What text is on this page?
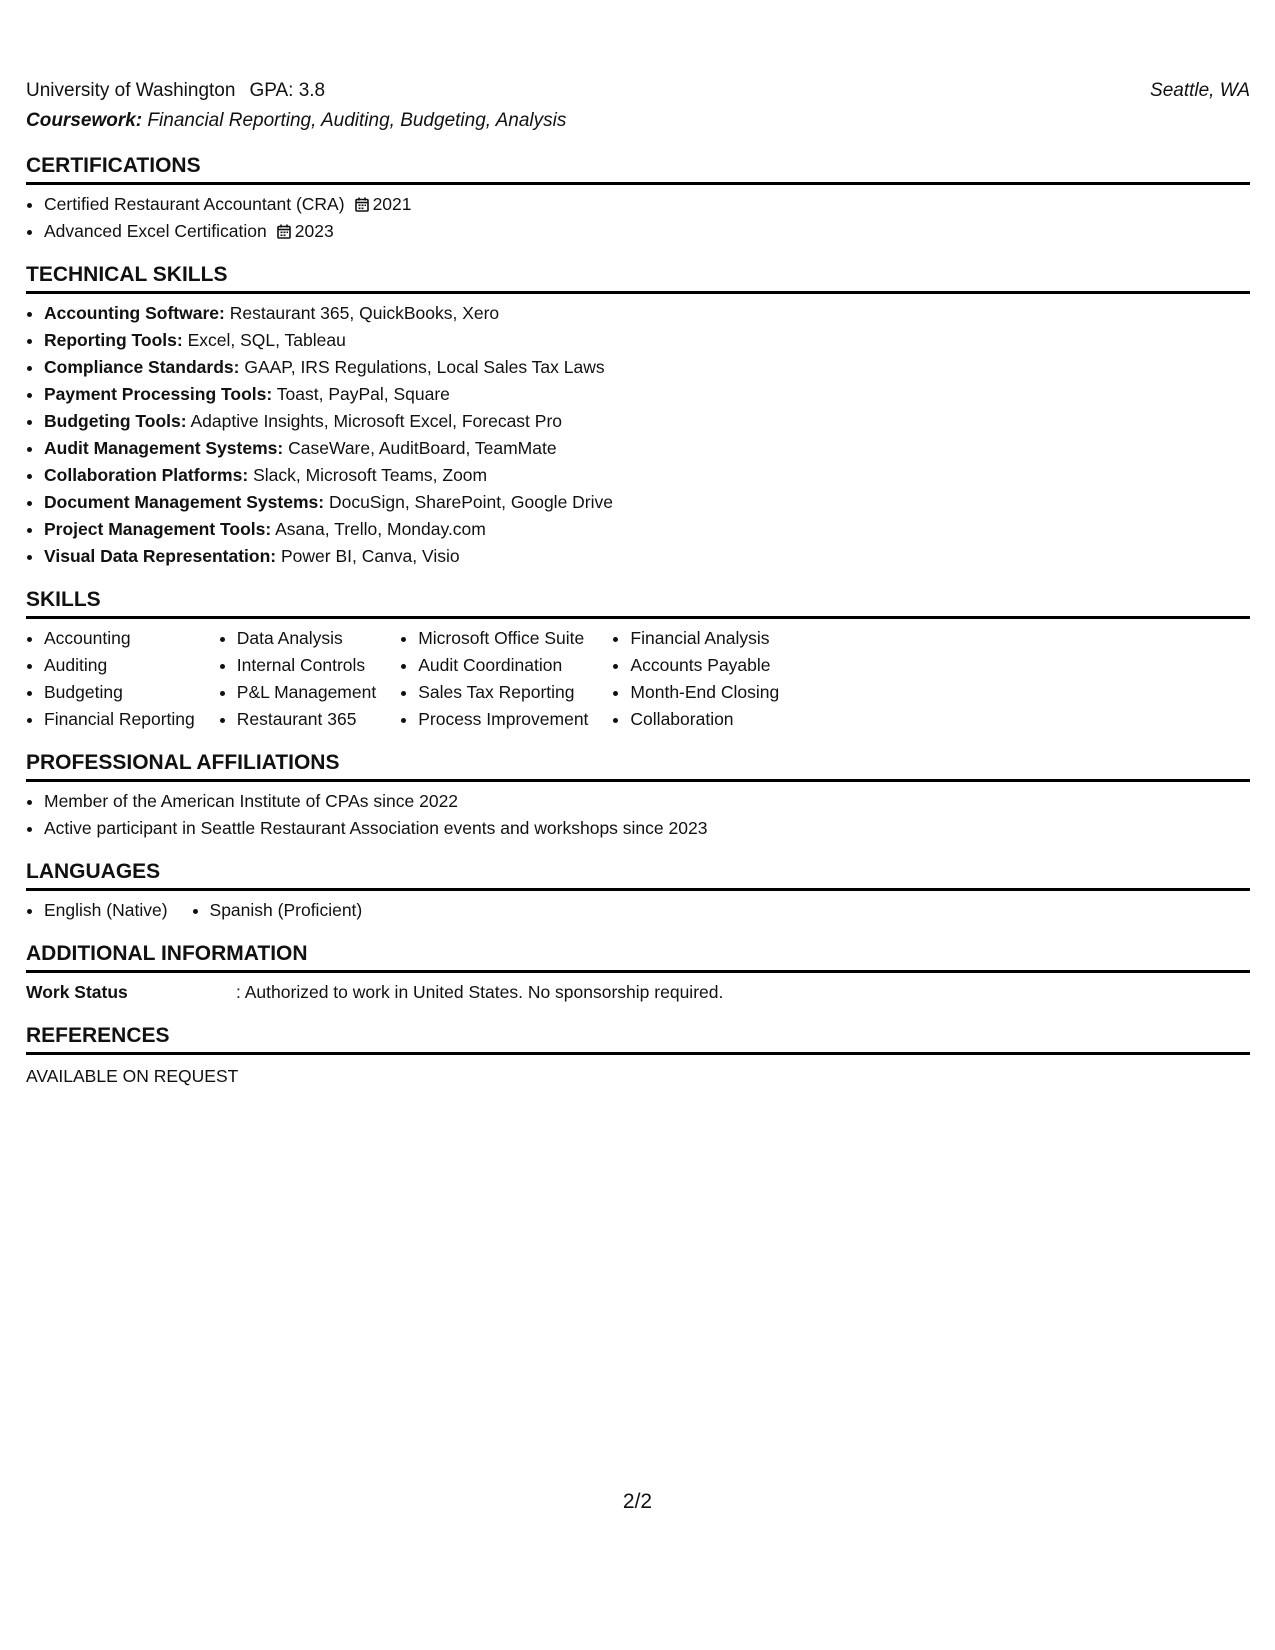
University of Washington GPA: 3.8	Seattle, WA
Coursework: Financial Reporting, Auditing, Budgeting, Analysis
CERTIFICATIONS
• Certified Restaurant Accountant (CRA) 2021
• Advanced Excel Certification 2023
TECHNICAL SKILLS
• Accounting Software: Restaurant 365, QuickBooks, Xero
• Reporting Tools: Excel, SQL, Tableau
• Compliance Standards: GAAP, IRS Regulations, Local Sales Tax Laws
• Payment Processing Tools: Toast, PayPal, Square
• Budgeting Tools: Adaptive Insights, Microsoft Excel, Forecast Pro
• Audit Management Systems: CaseWare, AuditBoard, TeamMate
• Collaboration Platforms: Slack, Microsoft Teams, Zoom
• Document Management Systems: DocuSign, SharePoint, Google Drive
• Project Management Tools: Asana, Trello, Monday.com
• Visual Data Representation: Power BI, Canva, Visio
SKILLS
• Accounting
• Auditing
• Budgeting
• Financial Reporting
• Data Analysis
• Internal Controls
• P&L Management
• Restaurant 365
• Microsoft Office Suite
• Audit Coordination
• Sales Tax Reporting
• Process Improvement
• Financial Analysis
• Accounts Payable
• Month-End Closing
• Collaboration
PROFESSIONAL AFFILIATIONS
• Member of the American Institute of CPAs since 2022
• Active participant in Seattle Restaurant Association events and workshops since 2023
LANGUAGES
• English (Native)
• Spanish (Proficient)
ADDITIONAL INFORMATION
Work Status	: Authorized to work in United States. No sponsorship required.
REFERENCES
AVAILABLE ON REQUEST
2/2
